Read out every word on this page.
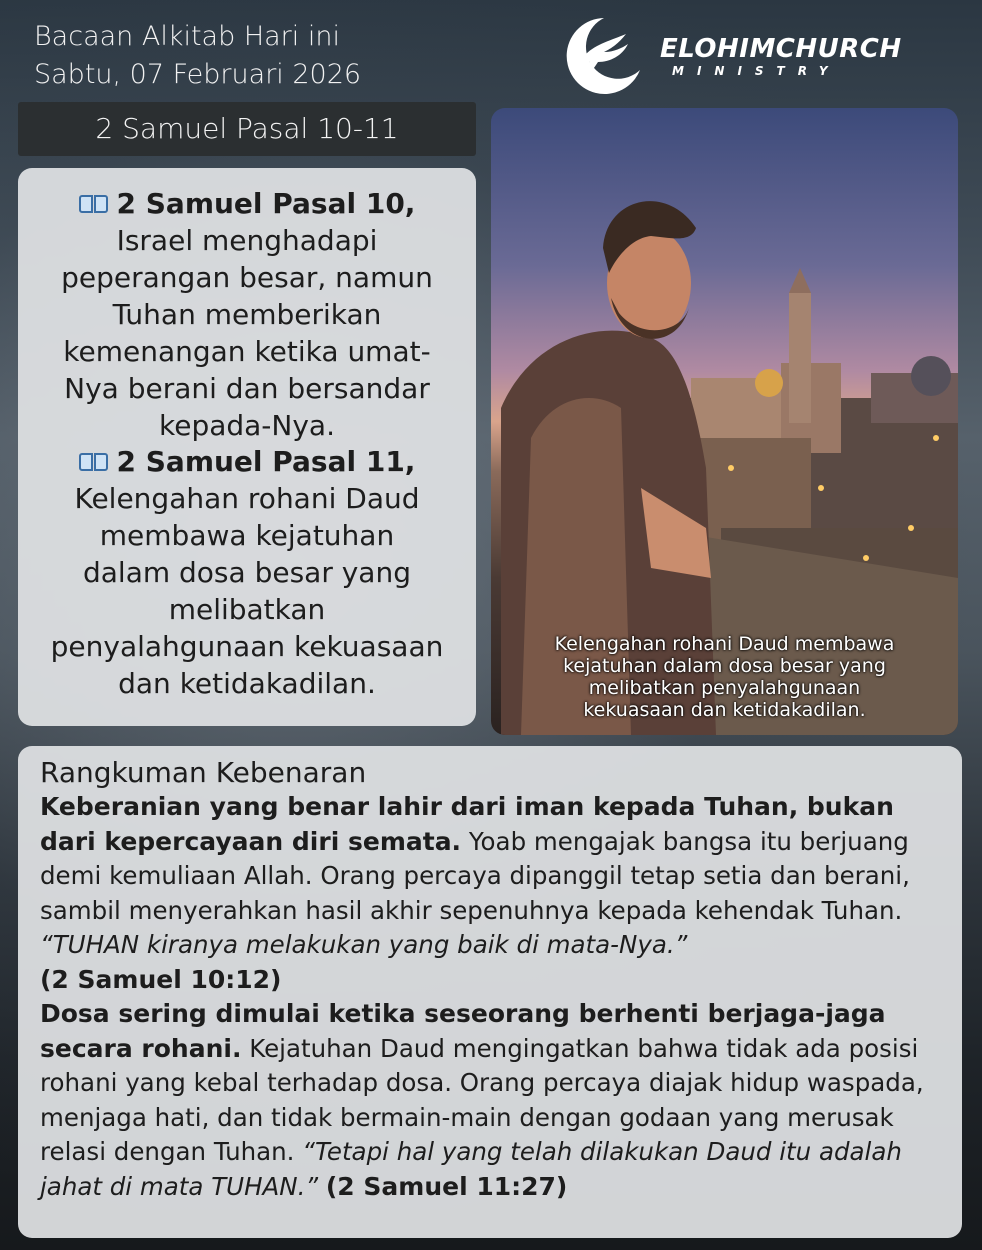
Bacaan Alkitab Hari ini
Sabtu, 07 Februari 2026
ELOHIMCHURCH
MINISTRY
2 Samuel Pasal 10-11
2 Samuel Pasal 10,
Israel menghadapi
peperangan besar, namun
Tuhan memberikan
kemenangan ketika umat-
Nya berani dan bersandar
kepada-Nya.
2 Samuel Pasal 11,
Kelengahan rohani Daud
membawa kejatuhan
dalam dosa besar yang
melibatkan
penyalahgunaan kekuasaan
dan ketidakadilan.
Kelengahan rohani Daud membawa
kejatuhan dalam dosa besar yang
melibatkan penyalahgunaan
kekuasaan dan ketidakadilan.
Rangkuman Kebenaran

Keberanian yang benar lahir dari iman kepada Tuhan, bukan dari kepercayaan diri semata. Yoab mengajak bangsa itu berjuang demi kemuliaan Allah. Orang percaya dipanggil tetap setia dan berani, sambil menyerahkan hasil akhir sepenuhnya kepada kehendak Tuhan. “TUHAN kiranya melakukan yang baik di mata-Nya.”
(2 Samuel 10:12)

Dosa sering dimulai ketika seseorang berhenti berjaga-jaga secara rohani. Kejatuhan Daud mengingatkan bahwa tidak ada posisi rohani yang kebal terhadap dosa. Orang percaya diajak hidup waspada, menjaga hati, dan tidak bermain-main dengan godaan yang merusak relasi dengan Tuhan. “Tetapi hal yang telah dilakukan Daud itu adalah jahat di mata TUHAN.” (2 Samuel 11:27)
